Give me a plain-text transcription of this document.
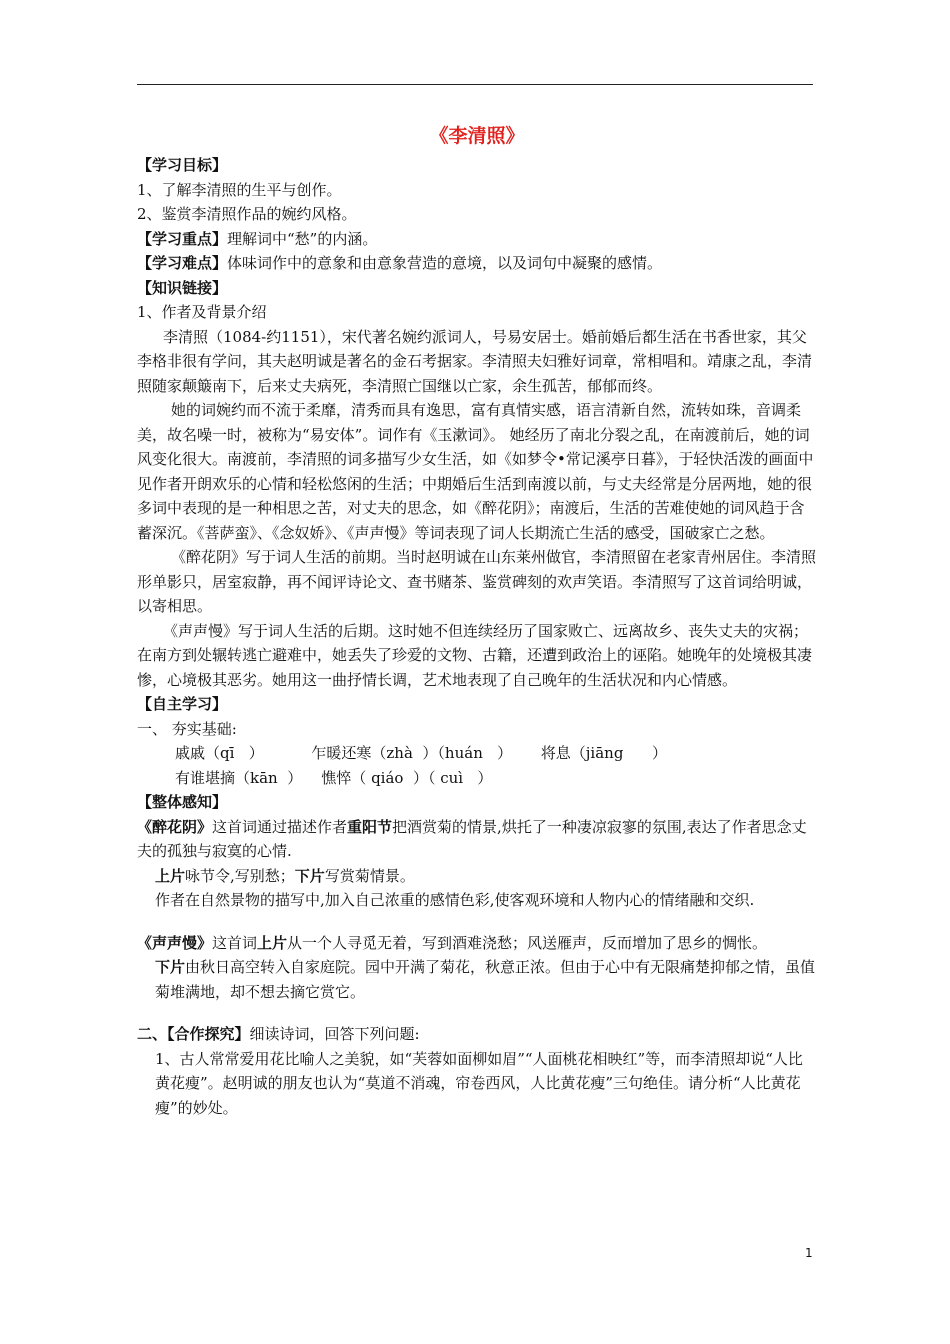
《李清照》

【学习目标】

1、了解李清照的生平与创作。

2、鉴赏李清照作品的婉约风格。

【学习重点】理解词中“愁”的内涵。

【学习难点】体味词作中的意象和由意象营造的意境，以及词句中凝聚的感情。

【知识链接】

1、作者及背景介绍

李清照（1084-约1151），宋代著名婉约派词人，号易安居士。婚前婚后都生活在书香世家，其父李格非很有学问，其夫赵明诚是著名的金石考据家。李清照夫妇雅好词章，常相唱和。靖康之乱，李清照随家颠簸南下，后来丈夫病死，李清照亡国继以亡家，余生孤苦，郁郁而终。

她的词婉约而不流于柔靡，清秀而具有逸思，富有真情实感，语言清新自然，流转如珠，音调柔美，故名噪一时，被称为“易安体”。词作有《玉漱词》。 她经历了南北分裂之乱，在南渡前后，她的词风变化很大。南渡前，李清照的词多描写少女生活，如《如梦令•常记溪亭日暮》，于轻快活泼的画面中见作者开朗欢乐的心情和轻松悠闲的生活；中期婚后生活到南渡以前，与丈夫经常是分居两地，她的很多词中表现的是一种相思之苦，对丈夫的思念，如《醉花阴》；南渡后，生活的苦难使她的词风趋于含蓄深沉。《菩萨蛮》、《念奴娇》、《声声慢》等词表现了词人长期流亡生活的感受，国破家亡之愁。

《醉花阴》写于词人生活的前期。当时赵明诚在山东莱州做官，李清照留在老家青州居住。李清照形单影只，居室寂静，再不闻评诗论文、查书赌茶、鉴赏碑刻的欢声笑语。李清照写了这首词给明诚，以寄相思。

《声声慢》写于词人生活的后期。这时她不但连续经历了国家败亡、远离故乡、丧失丈夫的灾祸；在南方到处辗转逃亡避难中，她丢失了珍爱的文物、古籍，还遭到政治上的诬陷。她晚年的处境极其凄惨，心境极其恶劣。她用这一曲抒情长调，艺术地表现了自己晚年的生活状况和内心情感。

【自主学习】

一、 夯实基础:

戚戚（qī   ）          乍暖还寒（zhà  ）（huán   ）      将息（jiāng      ）

有谁堪摘（kān  ）    憔悴（ qiáo  ）（ cuì   ）

【整体感知】

《醉花阴》这首词通过描述作者重阳节把酒赏菊的情景,烘托了一种凄凉寂寥的氛围,表达了作者思念丈夫的孤独与寂寞的心情.

上片咏节令,写别愁；下片写赏菊情景。

作者在自然景物的描写中,加入自己浓重的感情色彩,使客观环境和人物内心的情绪融和交织.

《声声慢》这首词上片从一个人寻觅无着，写到酒难浇愁；风送雁声，反而增加了思乡的惆怅。

下片由秋日高空转入自家庭院。园中开满了菊花，秋意正浓。但由于心中有无限痛楚抑郁之情，虽值菊堆满地，却不想去摘它赏它。

二、【合作探究】细读诗词，回答下列问题:

1、古人常常爱用花比喻人之美貌，如“芙蓉如面柳如眉”“人面桃花相映红”等，而李清照却说“人比黄花瘦”。赵明诚的朋友也认为“莫道不消魂，帘卷西风，人比黄花瘦”三句绝佳。请分析“人比黄花瘦”的妙处。

1
